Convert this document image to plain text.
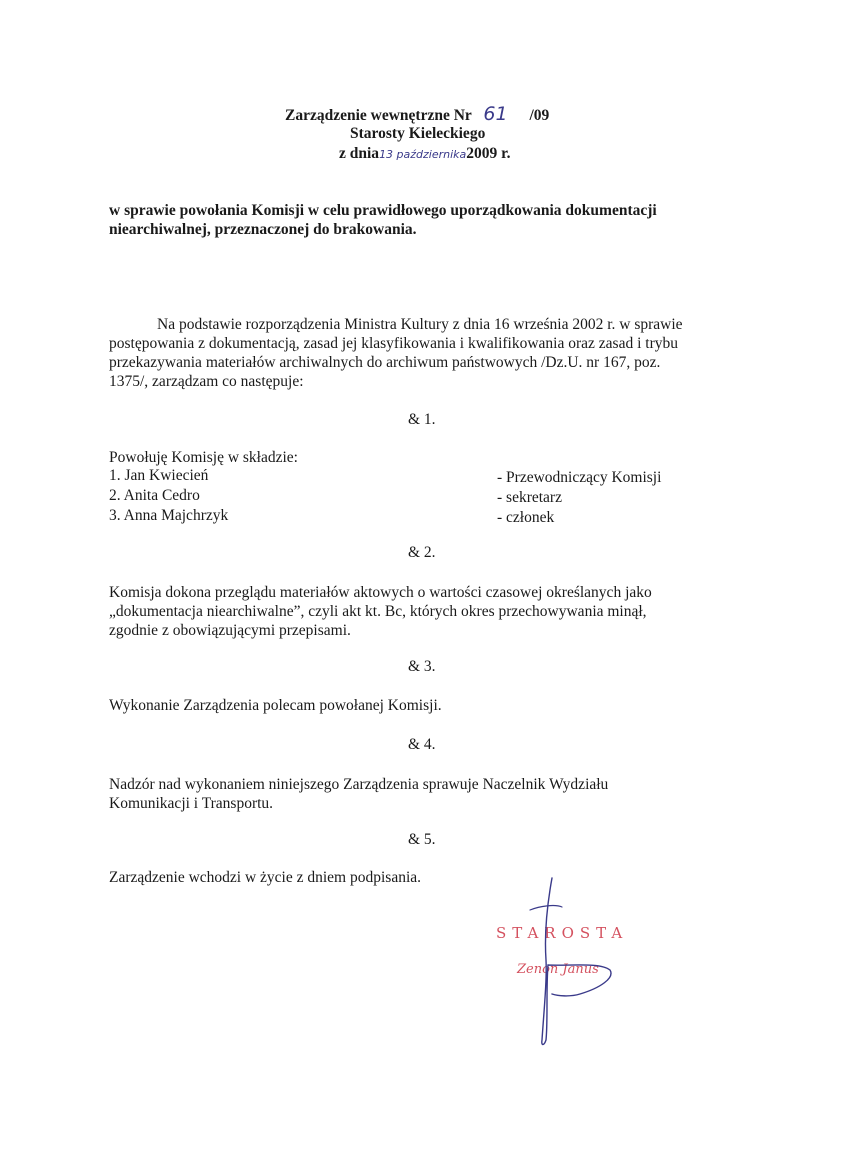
Zarządzenie wewnętrzne Nr 61 /09
Starosty Kieleckiego
z dnia13 października2009 r.
w sprawie powołania Komisji w celu prawidłowego uporządkowania dokumentacji
niearchiwalnej, przeznaczonej do brakowania.
Na podstawie rozporządzenia Ministra Kultury z dnia 16 września 2002 r. w sprawie
postępowania z dokumentacją, zasad jej klasyfikowania i kwalifikowania oraz zasad i trybu
przekazywania materiałów archiwalnych do archiwum państwowych /Dz.U. nr 167, poz.
1375/, zarządzam co następuje:
& 1.
Powołuję Komisję w składzie:
1. Jan Kwiecień
2. Anita Cedro
3. Anna Majchrzyk
- Przewodniczący Komisji
- sekretarz
- członek
& 2.
Komisja dokona przeglądu materiałów aktowych o wartości czasowej określanych jako
„dokumentacja niearchiwalne”, czyli akt kt. Bc, których okres przechowywania minął,
zgodnie z obowiązującymi przepisami.
& 3.
Wykonanie Zarządzenia polecam powołanej Komisji.
& 4.
Nadzór nad wykonaniem niniejszego Zarządzenia sprawuje Naczelnik Wydziału
Komunikacji i Transportu.
& 5.
Zarządzenie wchodzi w życie z dniem podpisania.
STAROSTA
Zenon Janus
